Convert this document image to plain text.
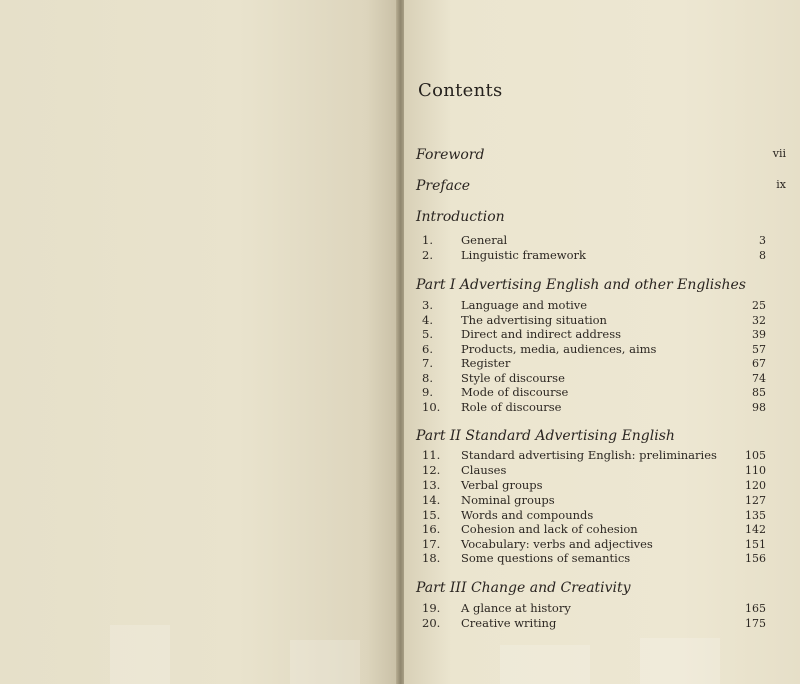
Contents
Foreword	vii
Preface	ix
Introduction
1.	General	3
2.	Linguistic framework	8
Part I Advertising English and other Englishes
3.	Language and motive	25
4.	The advertising situation	32
5.	Direct and indirect address	39
6.	Products, media, audiences, aims	57
7.	Register	67
8.	Style of discourse	74
9.	Mode of discourse	85
10.	Role of discourse	98
Part II Standard Advertising English
11.	Standard advertising English: preliminaries	105
12.	Clauses	110
13.	Verbal groups	120
14.	Nominal groups	127
15.	Words and compounds	135
16.	Cohesion and lack of cohesion	142
17.	Vocabulary: verbs and adjectives	151
18.	Some questions of semantics	156
Part III Change and Creativity
19.	A glance at history	165
20.	Creative writing	175
